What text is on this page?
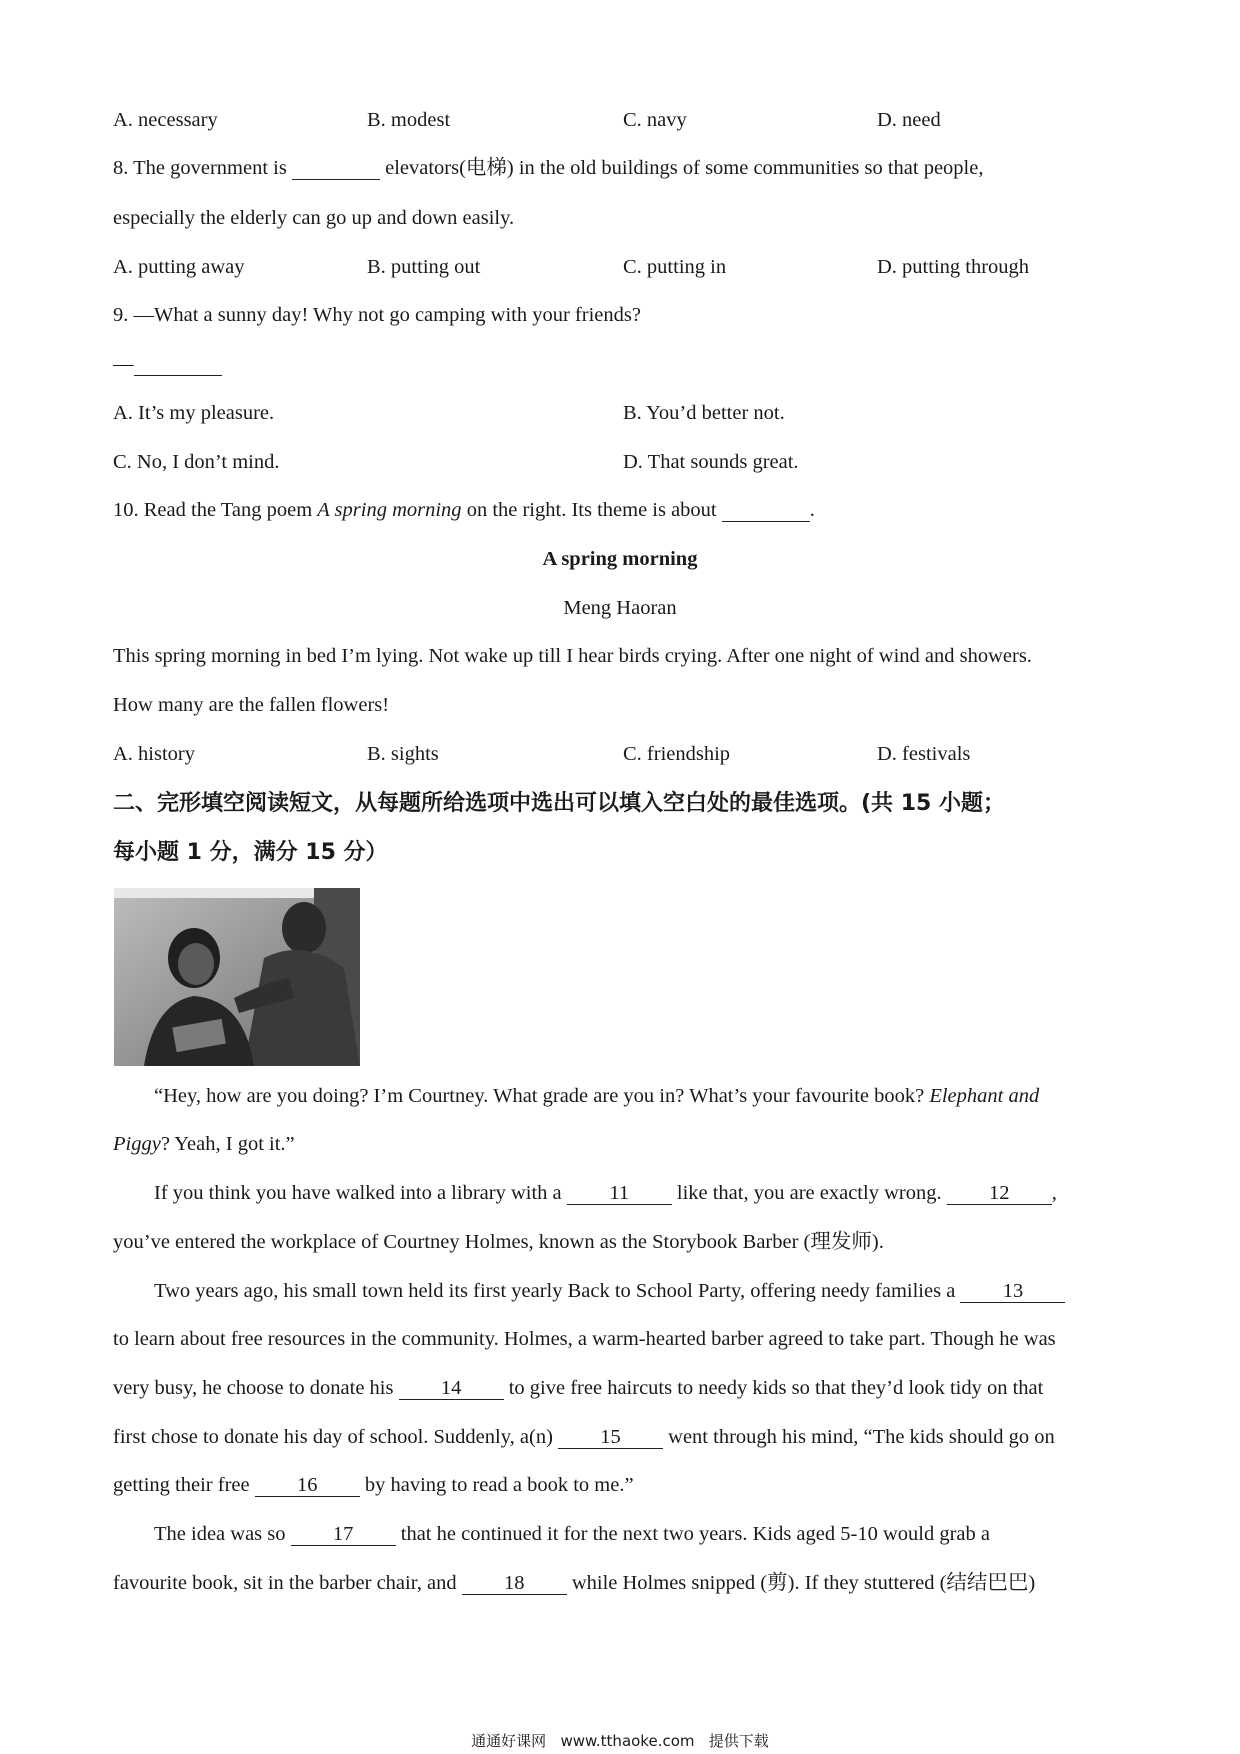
A. necessary	B. modest	C. navy	D. need
8. The government is	elevators(电梯) in the old buildings of some communities so that people,
especially the elderly can go up and down easily.
A. putting away	B. putting out	C. putting in	D. putting through
9. —What a sunny day! Why not go camping with your friends?
—
A. It’s my pleasure.	B. You’d better not.
C. No, I don’t mind.	D. That sounds great.
10. Read the Tang poem A spring morning on the right. Its theme is about	.
A spring morning
Meng Haoran
This spring morning in bed I’m lying. Not wake up till I hear birds crying. After one night of wind and showers.
How many are the fallen flowers!
A. history	B. sights	C. friendship	D. festivals
二、完形填空阅读短文，从每题所给选项中选出可以填入空白处的最佳选项。(共 15 小题；
每小题 1 分，满分 15 分）
“Hey, how are you doing? I’m Courtney. What grade are you in? What’s your favourite book? Elephant and
Piggy? Yeah, I got it.”
If you think you have walked into a library with a 11 like that, you are exactly wrong. 12 ,
you’ve entered the workplace of Courtney Holmes, known as the Storybook Barber (理发师).
Two years ago, his small town held its first yearly Back to School Party, offering needy families a 13
to learn about free resources in the community. Holmes, a warm-hearted barber agreed to take part. Though he was
very busy, he choose to donate his 14 to give free haircuts to needy kids so that they’d look tidy on that
first chose to donate his day of school. Suddenly, a(n) 15 went through his mind, “The kids should go on
getting their free 16 by having to read a book to me.”
The idea was so 17 that he continued it for the next two years. Kids aged 5-10 would grab a
favourite book, sit in the barber chair, and 18 while Holmes snipped (剪). If they stuttered (结结巴巴)
通通好课网   www.tthaoke.com   提供下载
